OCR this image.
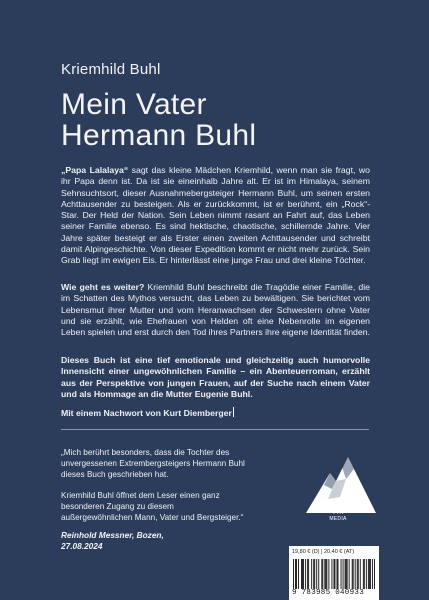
Kriemhild Buhl
Mein Vater
Hermann Buhl

„Papa Lalalaya“ sagt das kleine Mädchen Kriemhild, wenn man sie fragt, wo ihr Papa denn ist. Da ist sie eineinhalb Jahre alt. Er ist im Himalaya, seinem Sehnsuchtsort, dieser Ausnahmebergsteiger Hermann Buhl, um seinen ersten Achttausender zu besteigen. Als er zurückkommt, ist er berühmt, ein „Rock“-Star. Der Held der Nation. Sein Leben nimmt rasant an Fahrt auf, das Leben seiner Familie ebenso. Es sind hektische, chaotische, schillernde Jahre. Vier Jahre später besteigt er als Erster einen zweiten Achttausender und schreibt damit Alpingeschichte. Von dieser Expedition kommt er nicht mehr zurück. Sein Grab liegt im ewigen Eis. Er hinterlässt eine junge Frau und drei kleine Töchter.

Wie geht es weiter? Kriemhild Buhl beschreibt die Tragödie einer Familie, die im Schatten des Mythos versucht, das Leben zu bewältigen. Sie berichtet vom Lebensmut ihrer Mutter und vom Heranwachsen der Schwestern ohne Vater und sie erzählt, wie Ehefrauen von Helden oft eine Nebenrolle im eigenen Leben spielen und erst durch den Tod ihres Partners ihre eigene Identität finden.

Dieses Buch ist eine tief emotionale und gleichzeitig auch humorvolle Innensicht einer ungewöhnlichen Familie – ein Abenteuerroman, erzählt aus der Perspektive von jungen Frauen, auf der Suche nach einem Vater und als Hommage an die Mutter Eugenie Buhl.

Mit einem Nachwort von Kurt Diemberger

„Mich berührt besonders, dass die Tochter des unvergessenen Extrembergsteigers Hermann Buhl dieses Buch geschrieben hat.

Kriemhild Buhl öffnet dem Leser einen ganz besonderen Zugang zu diesem außergewöhnlichen Mann, Vater und Bergsteiger.“

Reinhold Messner, Bozen,
27.08.2024

TYR
MEDIA
19,80 € (D) | 20,40 € (AT)
9 783985 040933
